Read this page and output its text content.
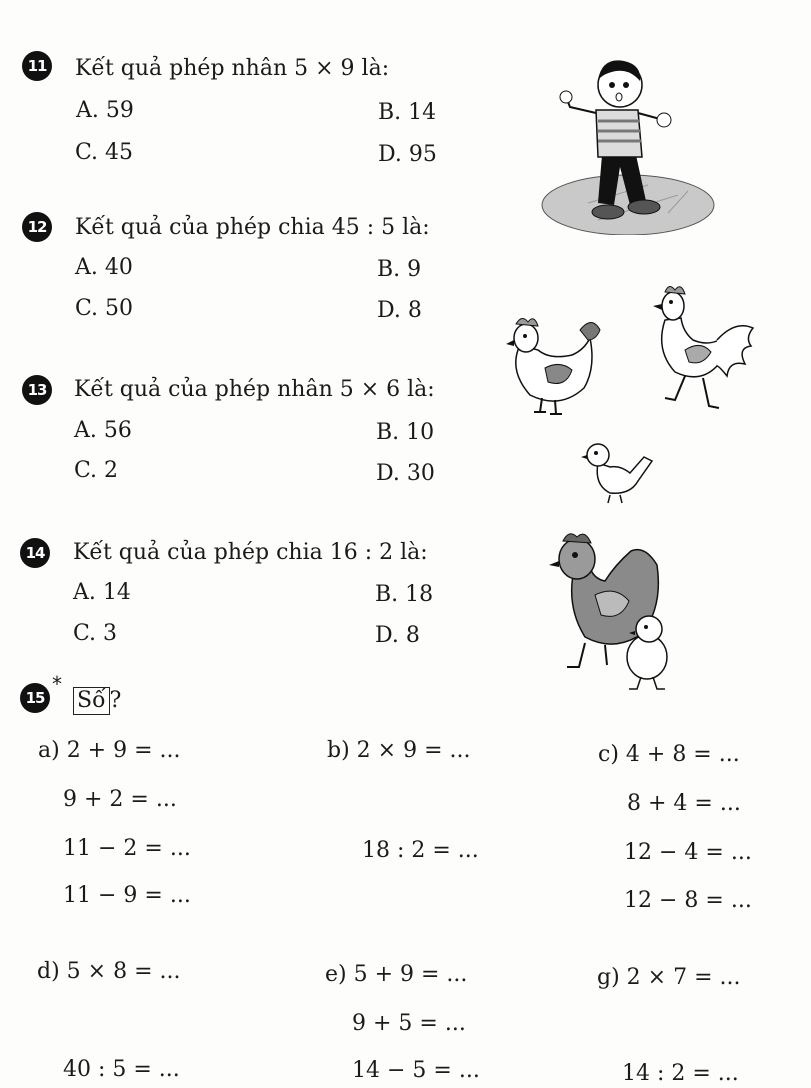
11 Kết quả phép nhân 5 × 9 là:
A. 59	B. 14
C. 45	D. 95
12 Kết quả của phép chia 45 : 5 là:
A. 40	B. 9
C. 50	D. 8
13 Kết quả của phép nhân 5 × 6 là:
A. 56	B. 10
C. 2	D. 30
14 Kết quả của phép chia 16 : 2 là:
A. 14	B. 18
C. 3	D. 8
15
*
Số ?
a) 2 + 9 = ...
9 + 2 = ...
11 − 2 = ...
11 − 9 = ...
b) 2 × 9 = ...
18 : 2 = ...
c) 4 + 8 = ...
8 + 4 = ...
12 − 4 = ...
12 − 8 = ...
d) 5 × 8 = ...
40 : 5 = ...
e) 5 + 9 = ...
9 + 5 = ...
14 − 5 = ...
g) 2 × 7 = ...
14 : 2 = ...
